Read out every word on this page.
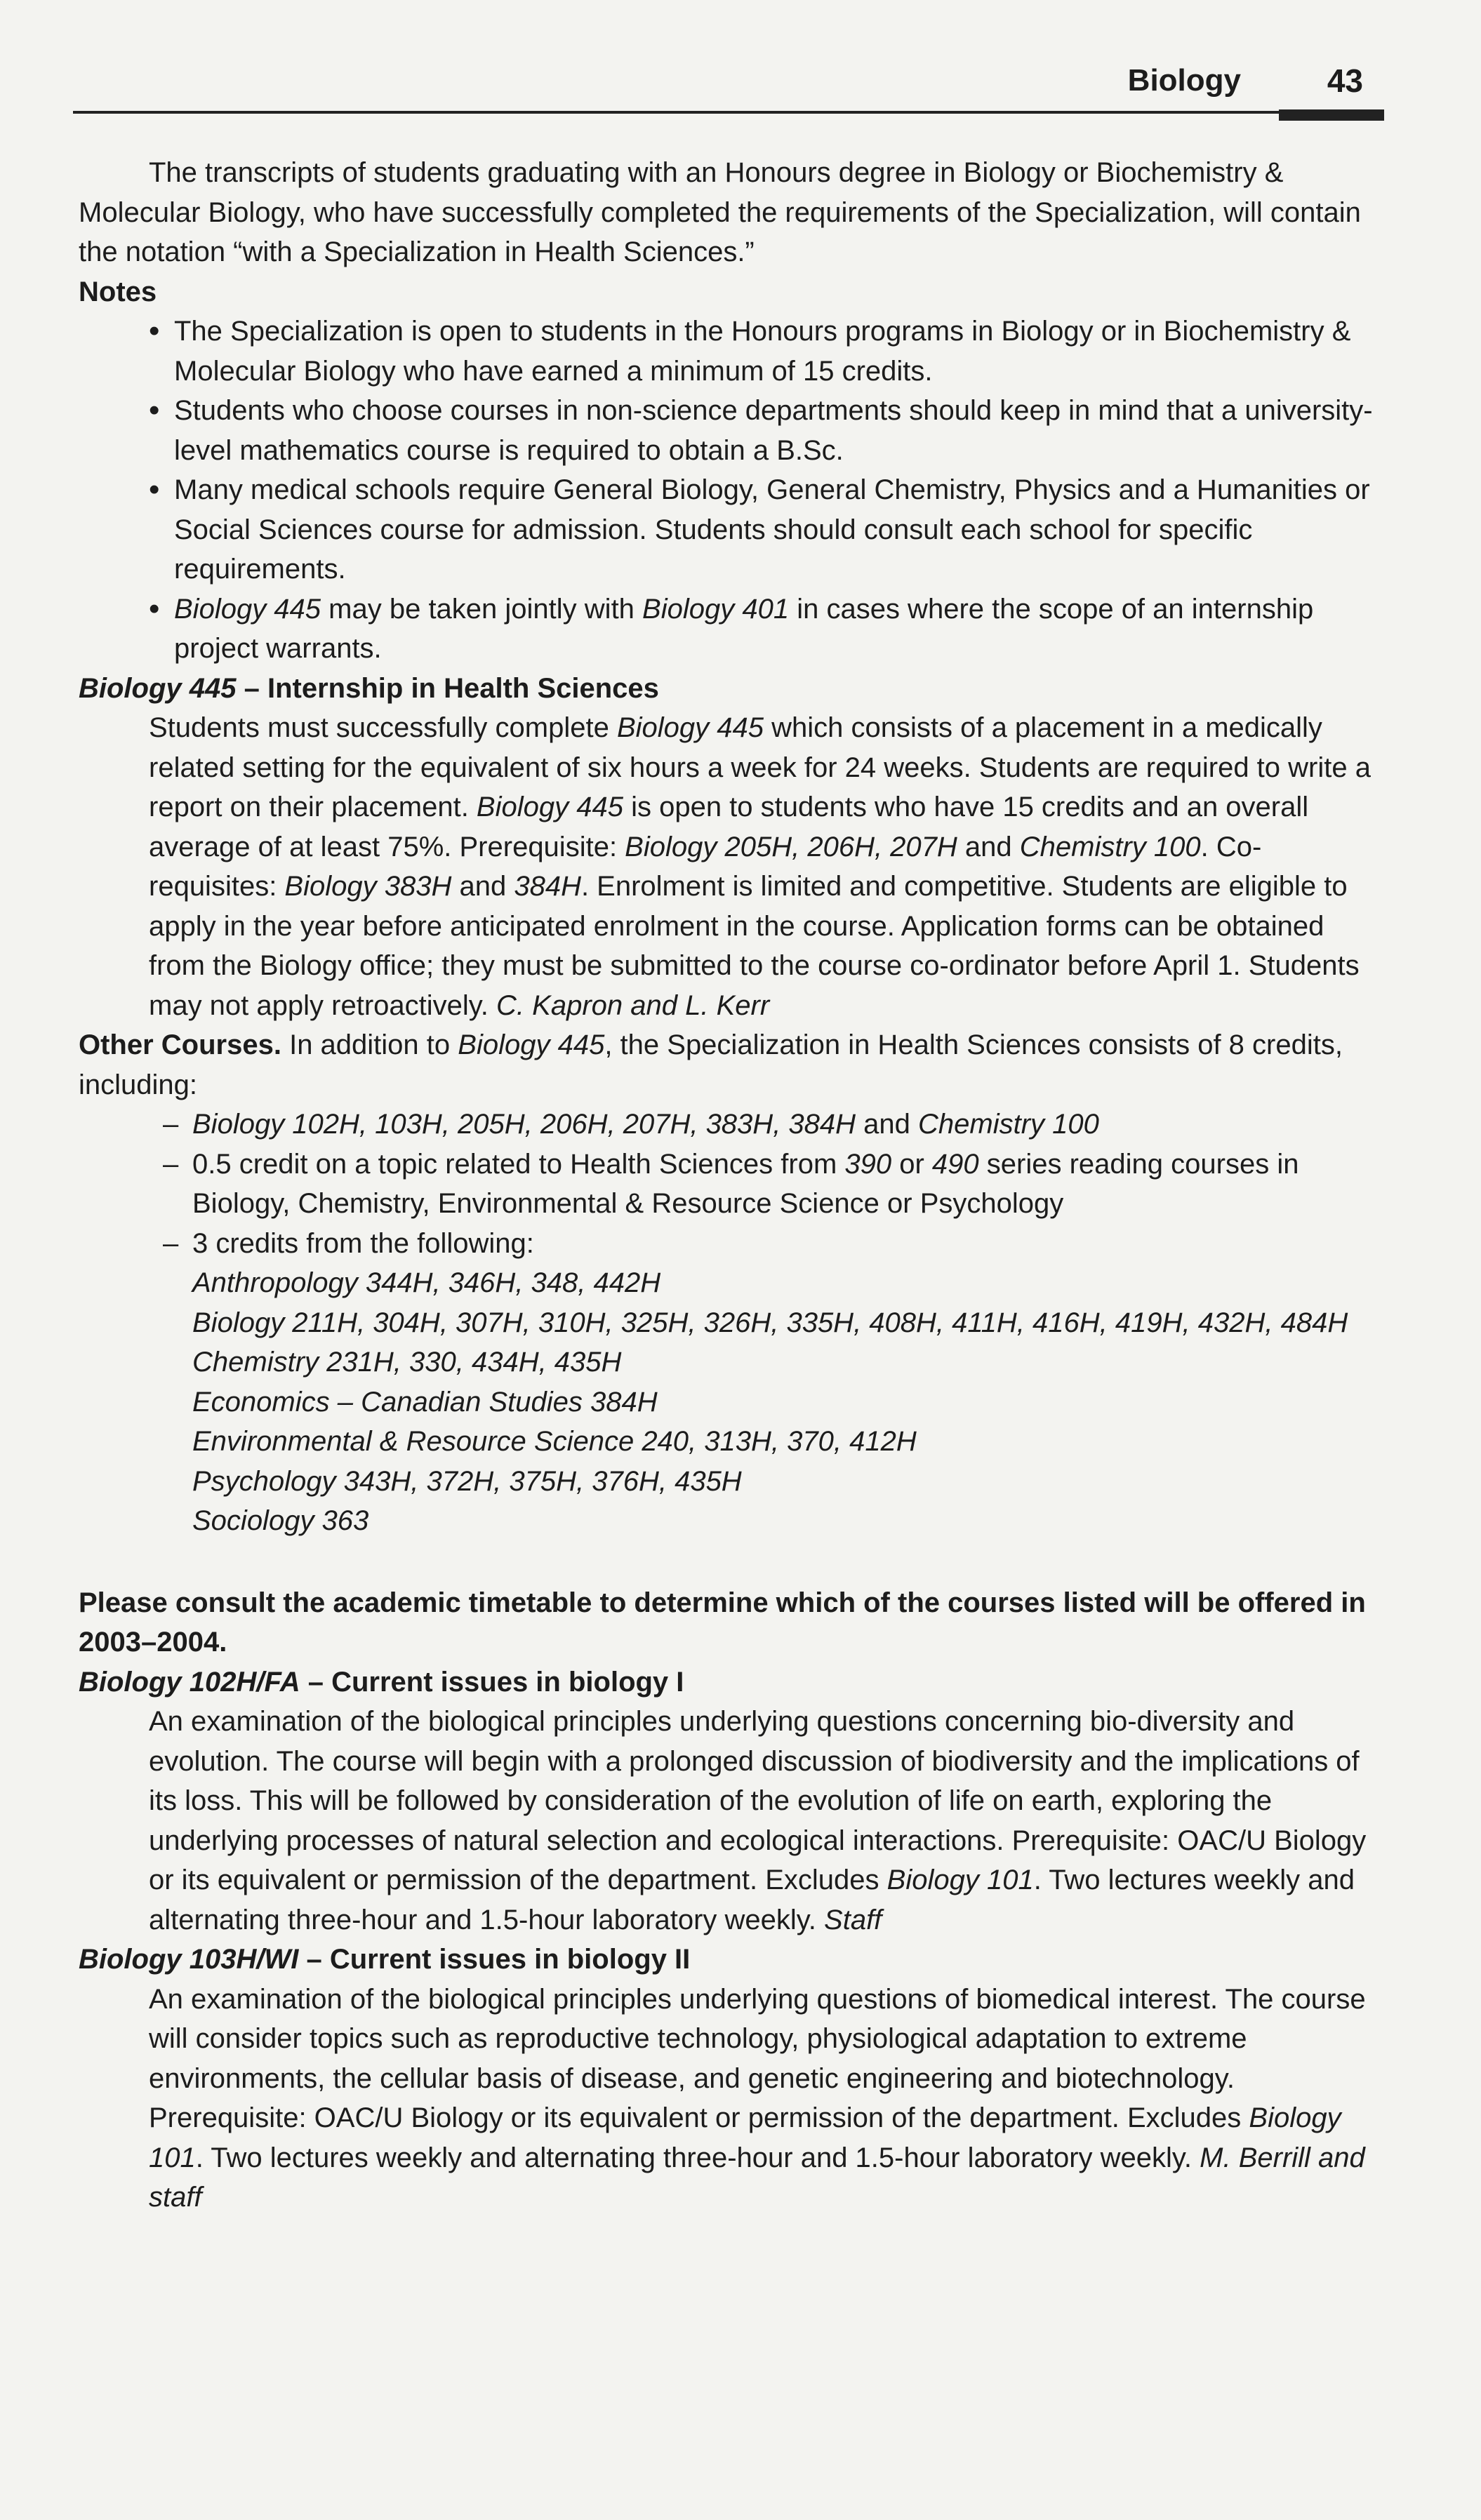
Biology	43

The transcripts of students graduating with an Honours degree in Biology or Biochemistry & Molecular Biology, who have successfully completed the requirements of the Specialization, will contain the notation “with a Specialization in Health Sciences.”

Notes

• The Specialization is open to students in the Honours programs in Biology or in Biochemistry & Molecular Biology who have earned a minimum of 15 credits.
• Students who choose courses in non-science departments should keep in mind that a university-level mathematics course is required to obtain a B.Sc.
• Many medical schools require General Biology, General Chemistry, Physics and a Humanities or Social Sciences course for admission. Students should consult each school for specific requirements.
• Biology 445 may be taken jointly with Biology 401 in cases where the scope of an internship project warrants.

Biology 445 – Internship in Health Sciences

Students must successfully complete Biology 445 which consists of a placement in a medically related setting for the equivalent of six hours a week for 24 weeks. Students are required to write a report on their placement. Biology 445 is open to students who have 15 credits and an overall average of at least 75%. Prerequisite: Biology 205H, 206H, 207H and Chemistry 100. Co-requisites: Biology 383H and 384H. Enrolment is limited and competitive. Students are eligible to apply in the year before anticipated enrolment in the course. Application forms can be obtained from the Biology office; they must be submitted to the course co-ordinator before April 1. Students may not apply retroactively. C. Kapron and L. Kerr

Other Courses. In addition to Biology 445, the Specialization in Health Sciences consists of 8 credits, including:

– Biology 102H, 103H, 205H, 206H, 207H, 383H, 384H and Chemistry 100
– 0.5 credit on a topic related to Health Sciences from 390 or 490 series reading courses in Biology, Chemistry, Environmental & Resource Science or Psychology
– 3 credits from the following:
Anthropology 344H, 346H, 348, 442H
Biology 211H, 304H, 307H, 310H, 325H, 326H, 335H, 408H, 411H, 416H, 419H, 432H, 484H
Chemistry 231H, 330, 434H, 435H
Economics – Canadian Studies 384H
Environmental & Resource Science 240, 313H, 370, 412H
Psychology 343H, 372H, 375H, 376H, 435H
Sociology 363

Please consult the academic timetable to determine which of the courses listed will be offered in 2003–2004.

Biology 102H/FA – Current issues in biology I

An examination of the biological principles underlying questions concerning bio-diversity and evolution. The course will begin with a prolonged discussion of biodiversity and the implications of its loss. This will be followed by consideration of the evolution of life on earth, exploring the underlying processes of natural selection and ecological interactions. Prerequisite: OAC/U Biology or its equivalent or permission of the department. Excludes Biology 101. Two lectures weekly and alternating three-hour and 1.5-hour laboratory weekly. Staff

Biology 103H/WI – Current issues in biology II

An examination of the biological principles underlying questions of biomedical interest. The course will consider topics such as reproductive technology, physiological adaptation to extreme environments, the cellular basis of disease, and genetic engineering and biotechnology. Prerequisite: OAC/U Biology or its equivalent or permission of the department. Excludes Biology 101. Two lectures weekly and alternating three-hour and 1.5-hour laboratory weekly. M. Berrill and staff
